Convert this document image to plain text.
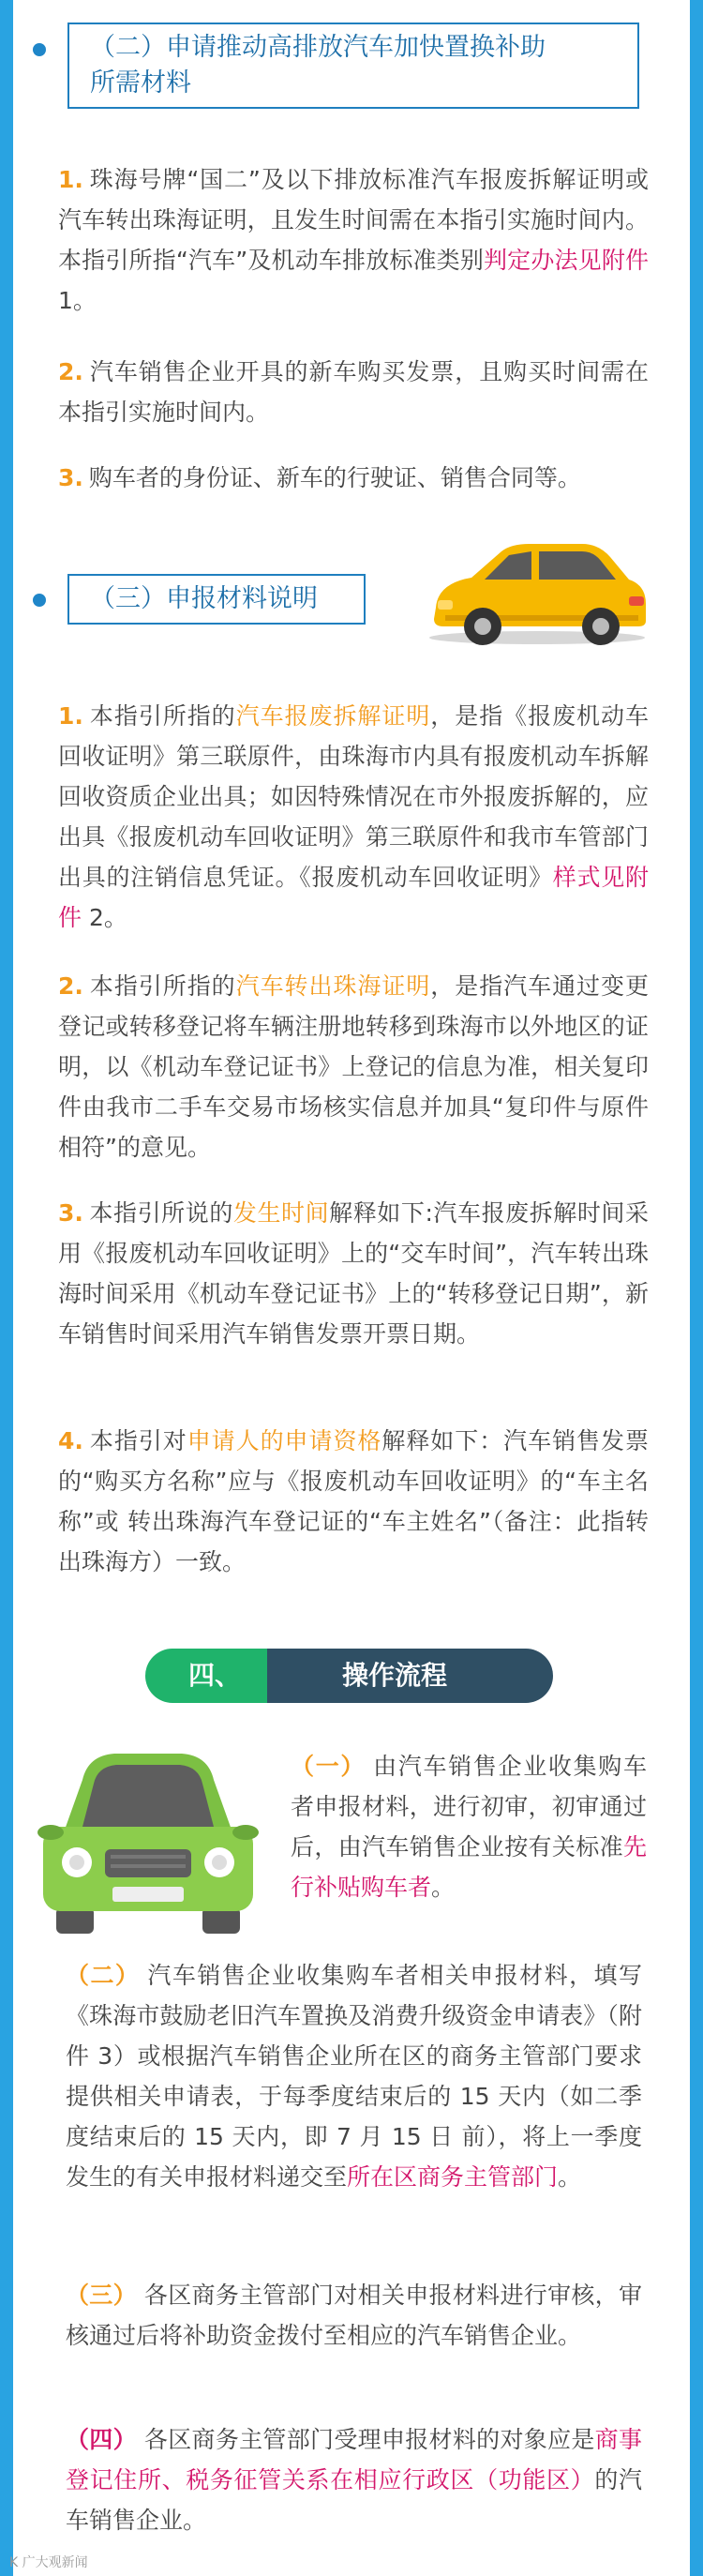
（二）申请推动高排放汽车加快置换补助
所需材料
1. 珠海号牌“国二”及以下排放标准汽车报废拆解证明或汽车转出珠海证明，且发生时间需在本指引实施时间内。本指引所指“汽车”及机动车排放标准类别判定办法见附件 1。
2. 汽车销售企业开具的新车购买发票，且购买时间需在本指引实施时间内。
3. 购车者的身份证、新车的行驶证、销售合同等。
（三）申报材料说明
1. 本指引所指的汽车报废拆解证明，是指《报废机动车回收证明》第三联原件，由珠海市内具有报废机动车拆解回收资质企业出具；如因特殊情况在市外报废拆解的，应出具《报废机动车回收证明》第三联原件和我市车管部门出具的注销信息凭证。《报废机动车回收证明》样式见附件 2。
2. 本指引所指的汽车转出珠海证明，是指汽车通过变更登记或转移登记将车辆注册地转移到珠海市以外地区的证明，以《机动车登记证书》上登记的信息为准，相关复印件由我市二手车交易市场核实信息并加具“复印件与原件相符”的意见。
3. 本指引所说的发生时间解释如下:汽车报废拆解时间采用《报废机动车回收证明》上的“交车时间”，汽车转出珠海时间采用《机动车登记证书》上的“转移登记日期”，新车销售时间采用汽车销售发票开票日期。
4. 本指引对申请人的申请资格解释如下：汽车销售发票的“购买方名称”应与《报废机动车回收证明》的“车主名称”或 转出珠海汽车登记证的“车主姓名”（备注：此指转出珠海方）一致。
四、	操作流程
（一） 由汽车销售企业收集购车者申报材料，进行初审，初审通过后，由汽车销售企业按有关标准先行补贴购车者。
（二） 汽车销售企业收集购车者相关申报材料，填写《珠海市鼓励老旧汽车置换及消费升级资金申请表》（附件 3）或根据汽车销售企业所在区的商务主管部门要求提供相关申请表，于每季度结束后的 15 天内（如二季度结束后的 15 天内，即 7 月 15 日 前），将上一季度发生的有关申报材料递交至所在区商务主管部门。
（三） 各区商务主管部门对相关申报材料进行审核，审核通过后将补助资金拨付至相应的汽车销售企业。
（四） 各区商务主管部门受理申报材料的对象应是商事登记住所、税务征管关系在相应行政区（功能区）的汽车销售企业。
K 广大观新闻
